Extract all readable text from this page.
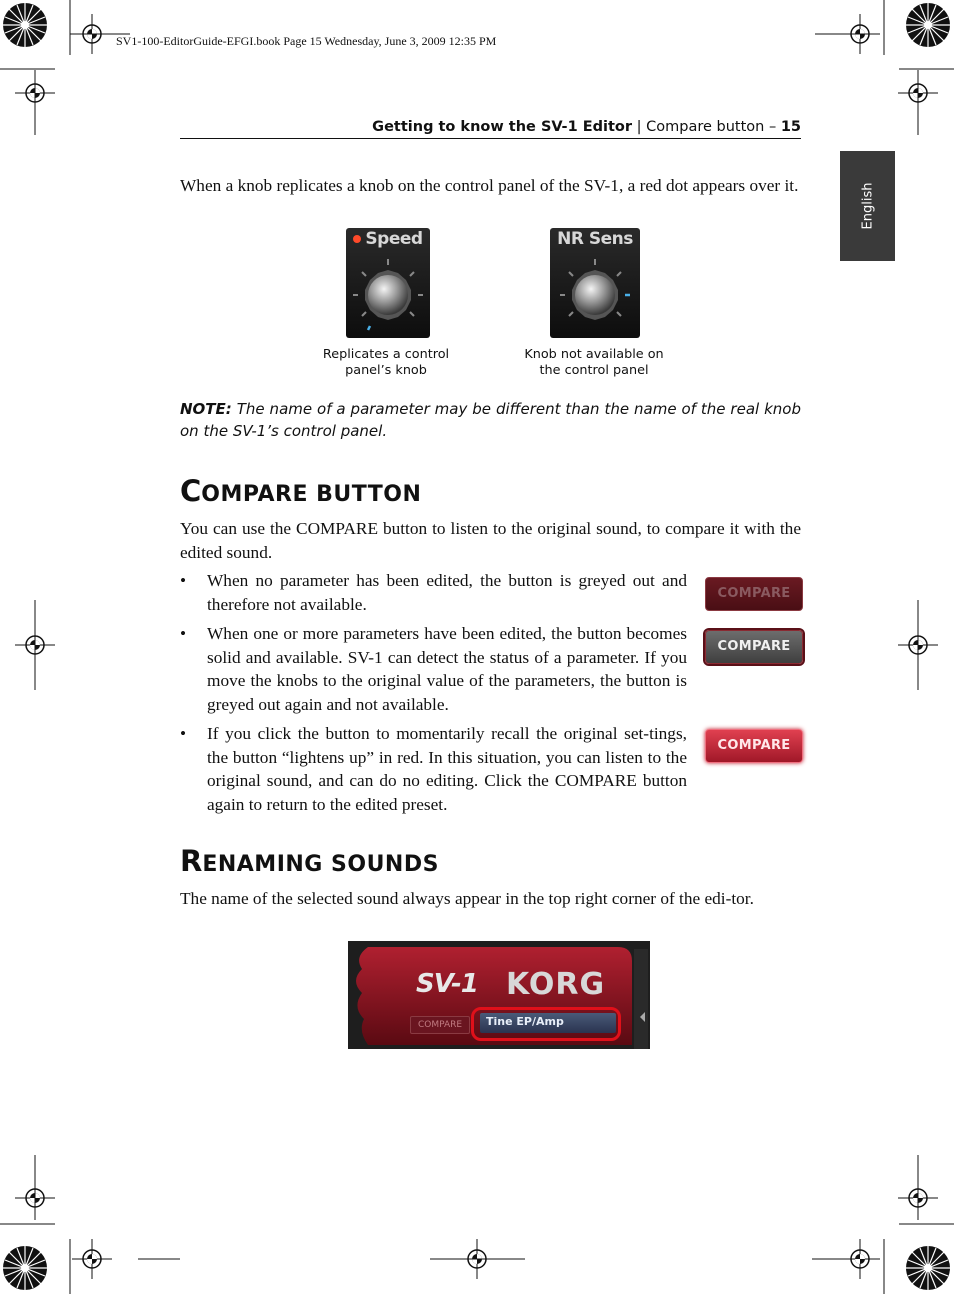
SV1-100-EditorGuide-EFGI.book Page 15 Wednesday, June 3, 2009 12:35 PM
Getting to know the SV-1 Editor | Compare button – 15
English

When a knob replicates a knob on the control panel of the SV-1, a red dot appears over it.

Speed
Replicates a control
panel’s knob
NR Sens
Knob not available on
the control panel
NOTE: The name of a parameter may be different than the name of the real knob on the SV-1’s control panel.
COMPARE BUTTON

You can use the COMPARE button to listen to the original sound, to compare it with the edited sound.

• When no parameter has been edited, the button is greyed out and therefore not available.
• When one or more parameters have been edited, the button becomes solid and available. SV-1 can detect the status of a parameter. If you move the knobs to the original value of the parameters, the button is greyed out again and not available.
• If you click the button to momentarily recall the original set-tings, the button “lightens up” in red. In this situation, you can listen to the original sound, and can do no editing. Click the COMPARE button again to return to the edited preset.
COMPARE
COMPARE
COMPARE
RENAMING SOUNDS

The name of the selected sound always appear in the top right corner of the edi-tor.

SV-1 KORG
COMPARE	Tine EP/Amp
